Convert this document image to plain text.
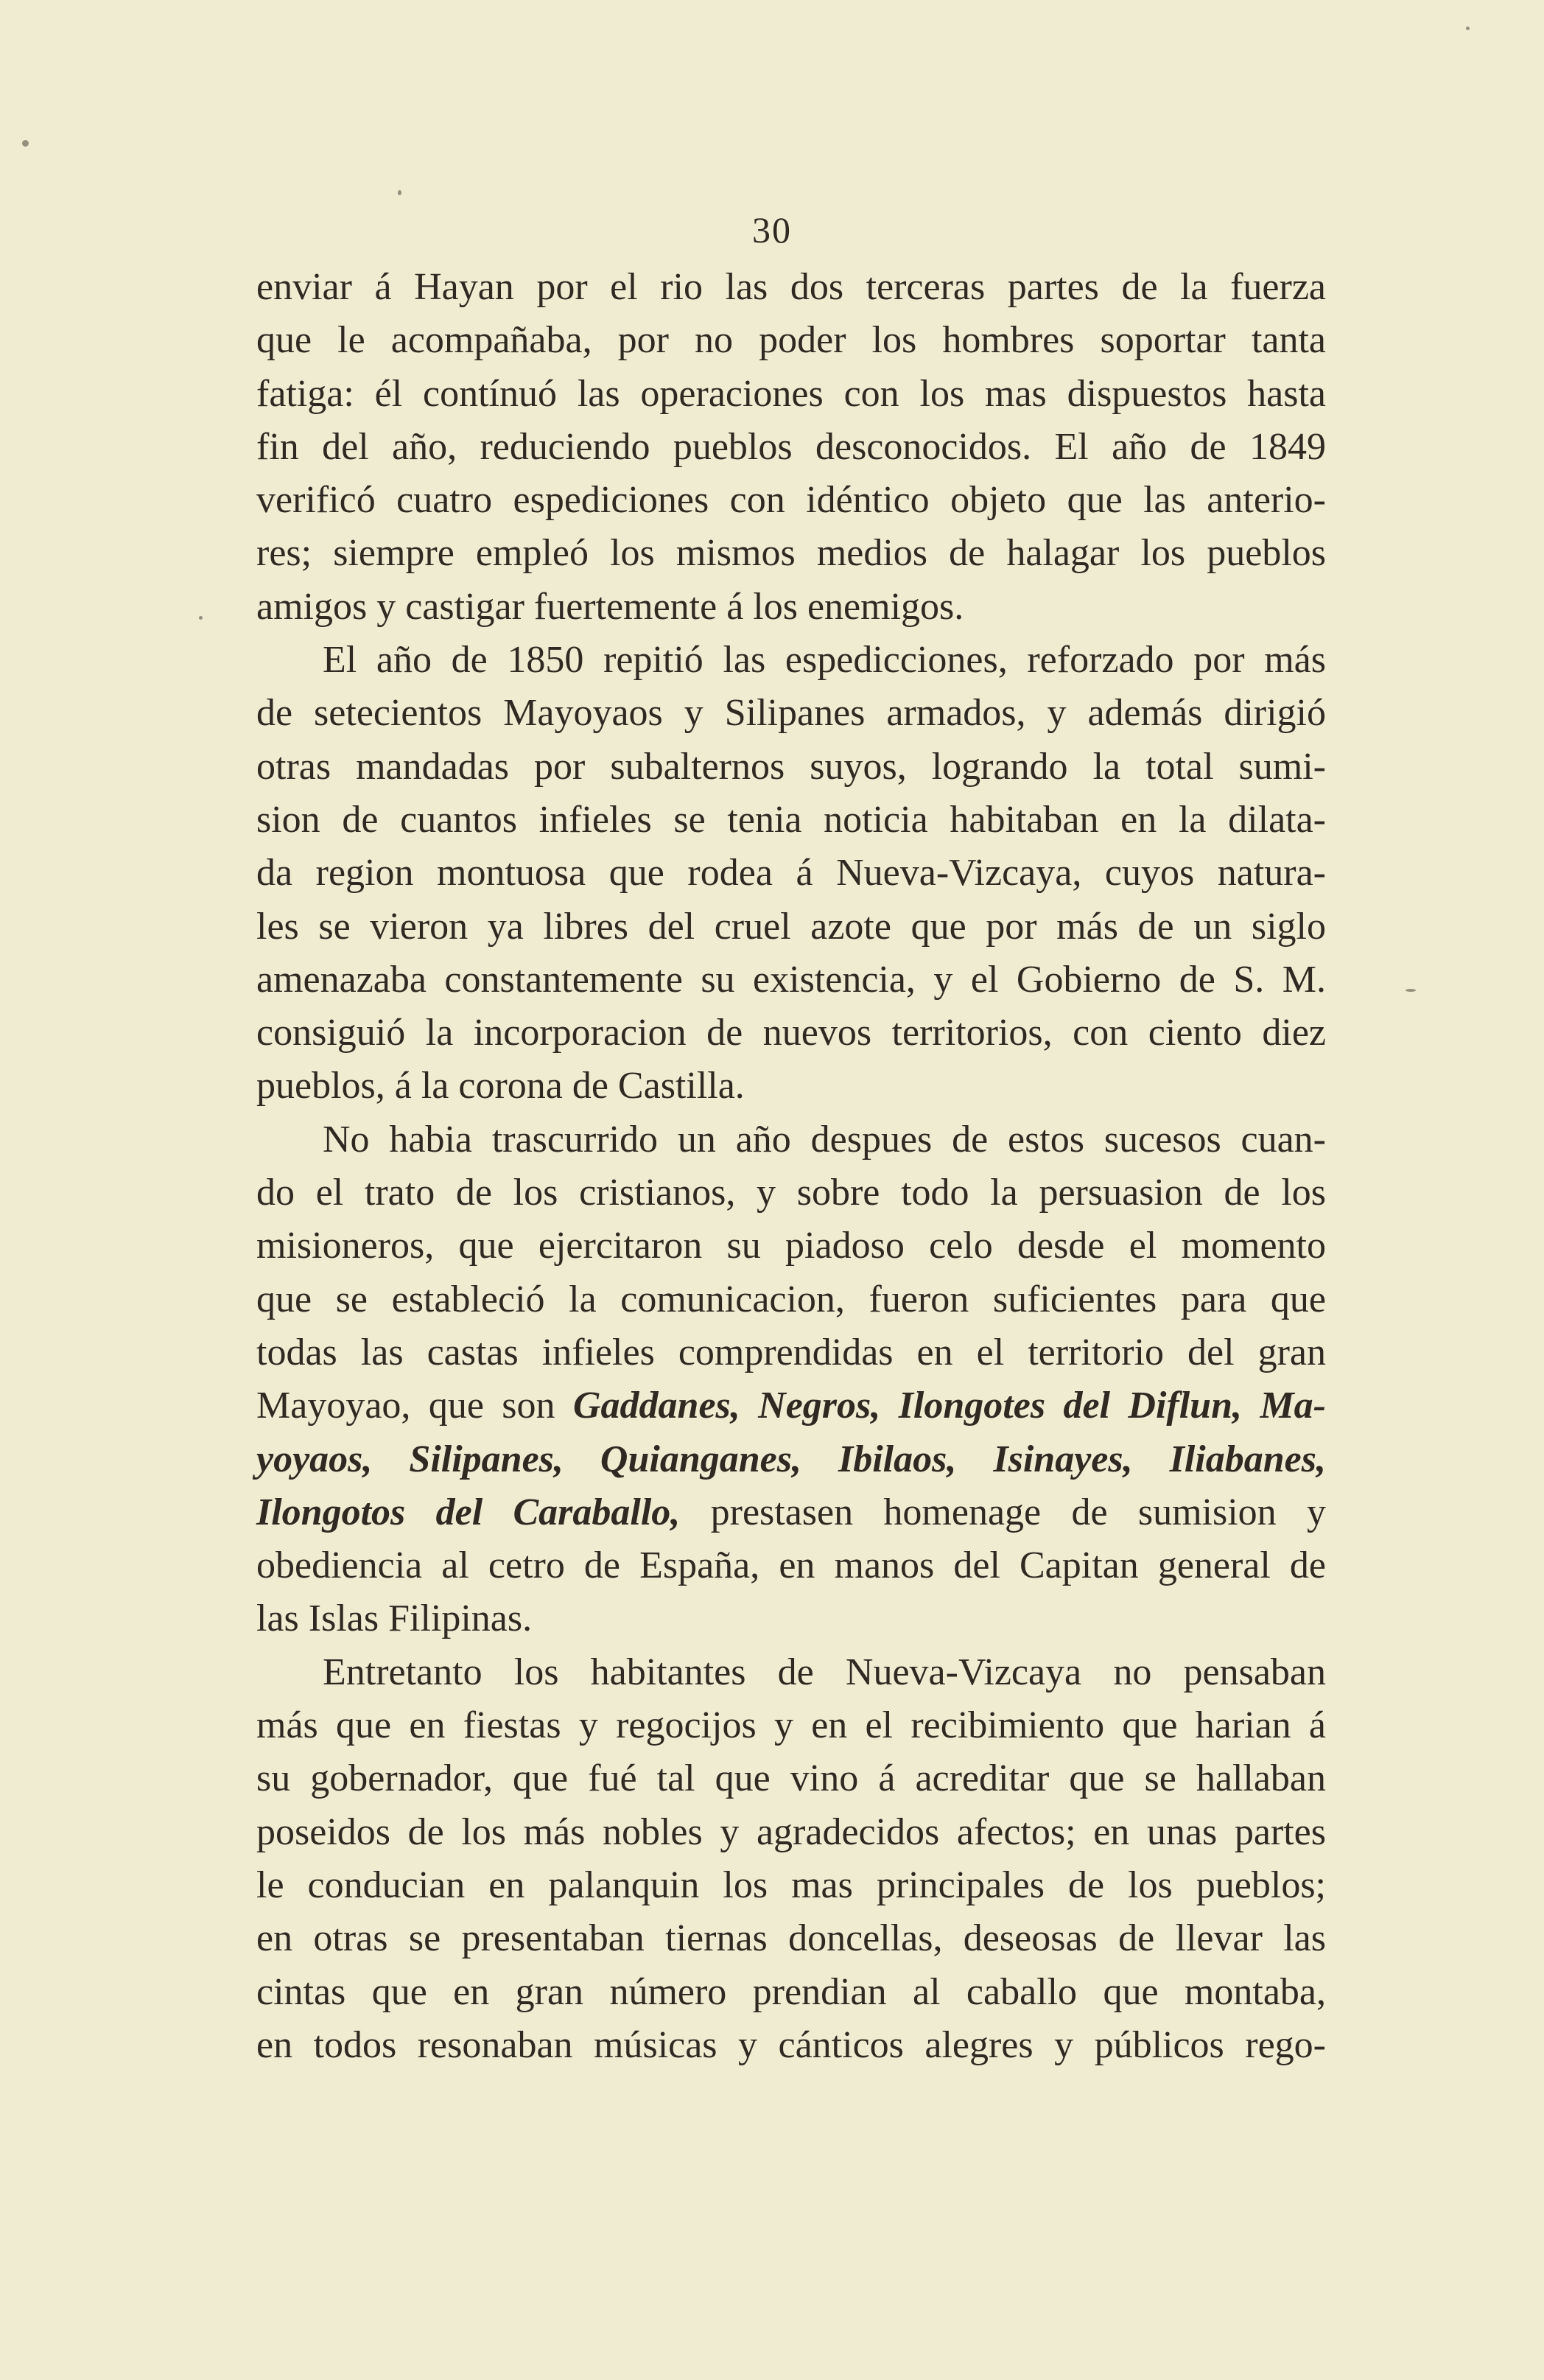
30

enviar á Hayan por el rio las dos terceras partes de la fuerza
que le acompañaba, por no poder los hombres soportar tanta
fatiga: él contínuó las operaciones con los mas dispuestos hasta
fin del año, reduciendo pueblos desconocidos. El año de 1849
verificó cuatro espediciones con idéntico objeto que las anterio-
res; siempre empleó los mismos medios de halagar los pueblos
amigos y castigar fuertemente á los enemigos.

El año de 1850 repitió las espedicciones, reforzado por más
de setecientos Mayoyaos y Silipanes armados, y además dirigió
otras mandadas por subalternos suyos, logrando la total sumi-
sion de cuantos infieles se tenia noticia habitaban en la dilata-
da region montuosa que rodea á Nueva-Vizcaya, cuyos natura-
les se vieron ya libres del cruel azote que por más de un siglo
amenazaba constantemente su existencia, y el Gobierno de S. M.
consiguió la incorporacion de nuevos territorios, con ciento diez
pueblos, á la corona de Castilla.

No habia trascurrido un año despues de estos sucesos cuan-
do el trato de los cristianos, y sobre todo la persuasion de los
misioneros, que ejercitaron su piadoso celo desde el momento
que se estableció la comunicacion, fueron suficientes para que
todas las castas infieles comprendidas en el territorio del gran
Mayoyao, que son Gaddanes, Negros, Ilongotes del Diflun, Ma-
yoyaos, Silipanes, Quianganes, Ibilaos, Isinayes, Iliabanes,
Ilongotos del Caraballo, prestasen homenage de sumision y
obediencia al cetro de España, en manos del Capitan general de
las Islas Filipinas.

Entretanto los habitantes de Nueva-Vizcaya no pensaban
más que en fiestas y regocijos y en el recibimiento que harian á
su gobernador, que fué tal que vino á acreditar que se hallaban
poseidos de los más nobles y agradecidos afectos; en unas partes
le conducian en palanquin los mas principales de los pueblos;
en otras se presentaban tiernas doncellas, deseosas de llevar las
cintas que en gran número prendian al caballo que montaba,
en todos resonaban músicas y cánticos alegres y públicos rego-
